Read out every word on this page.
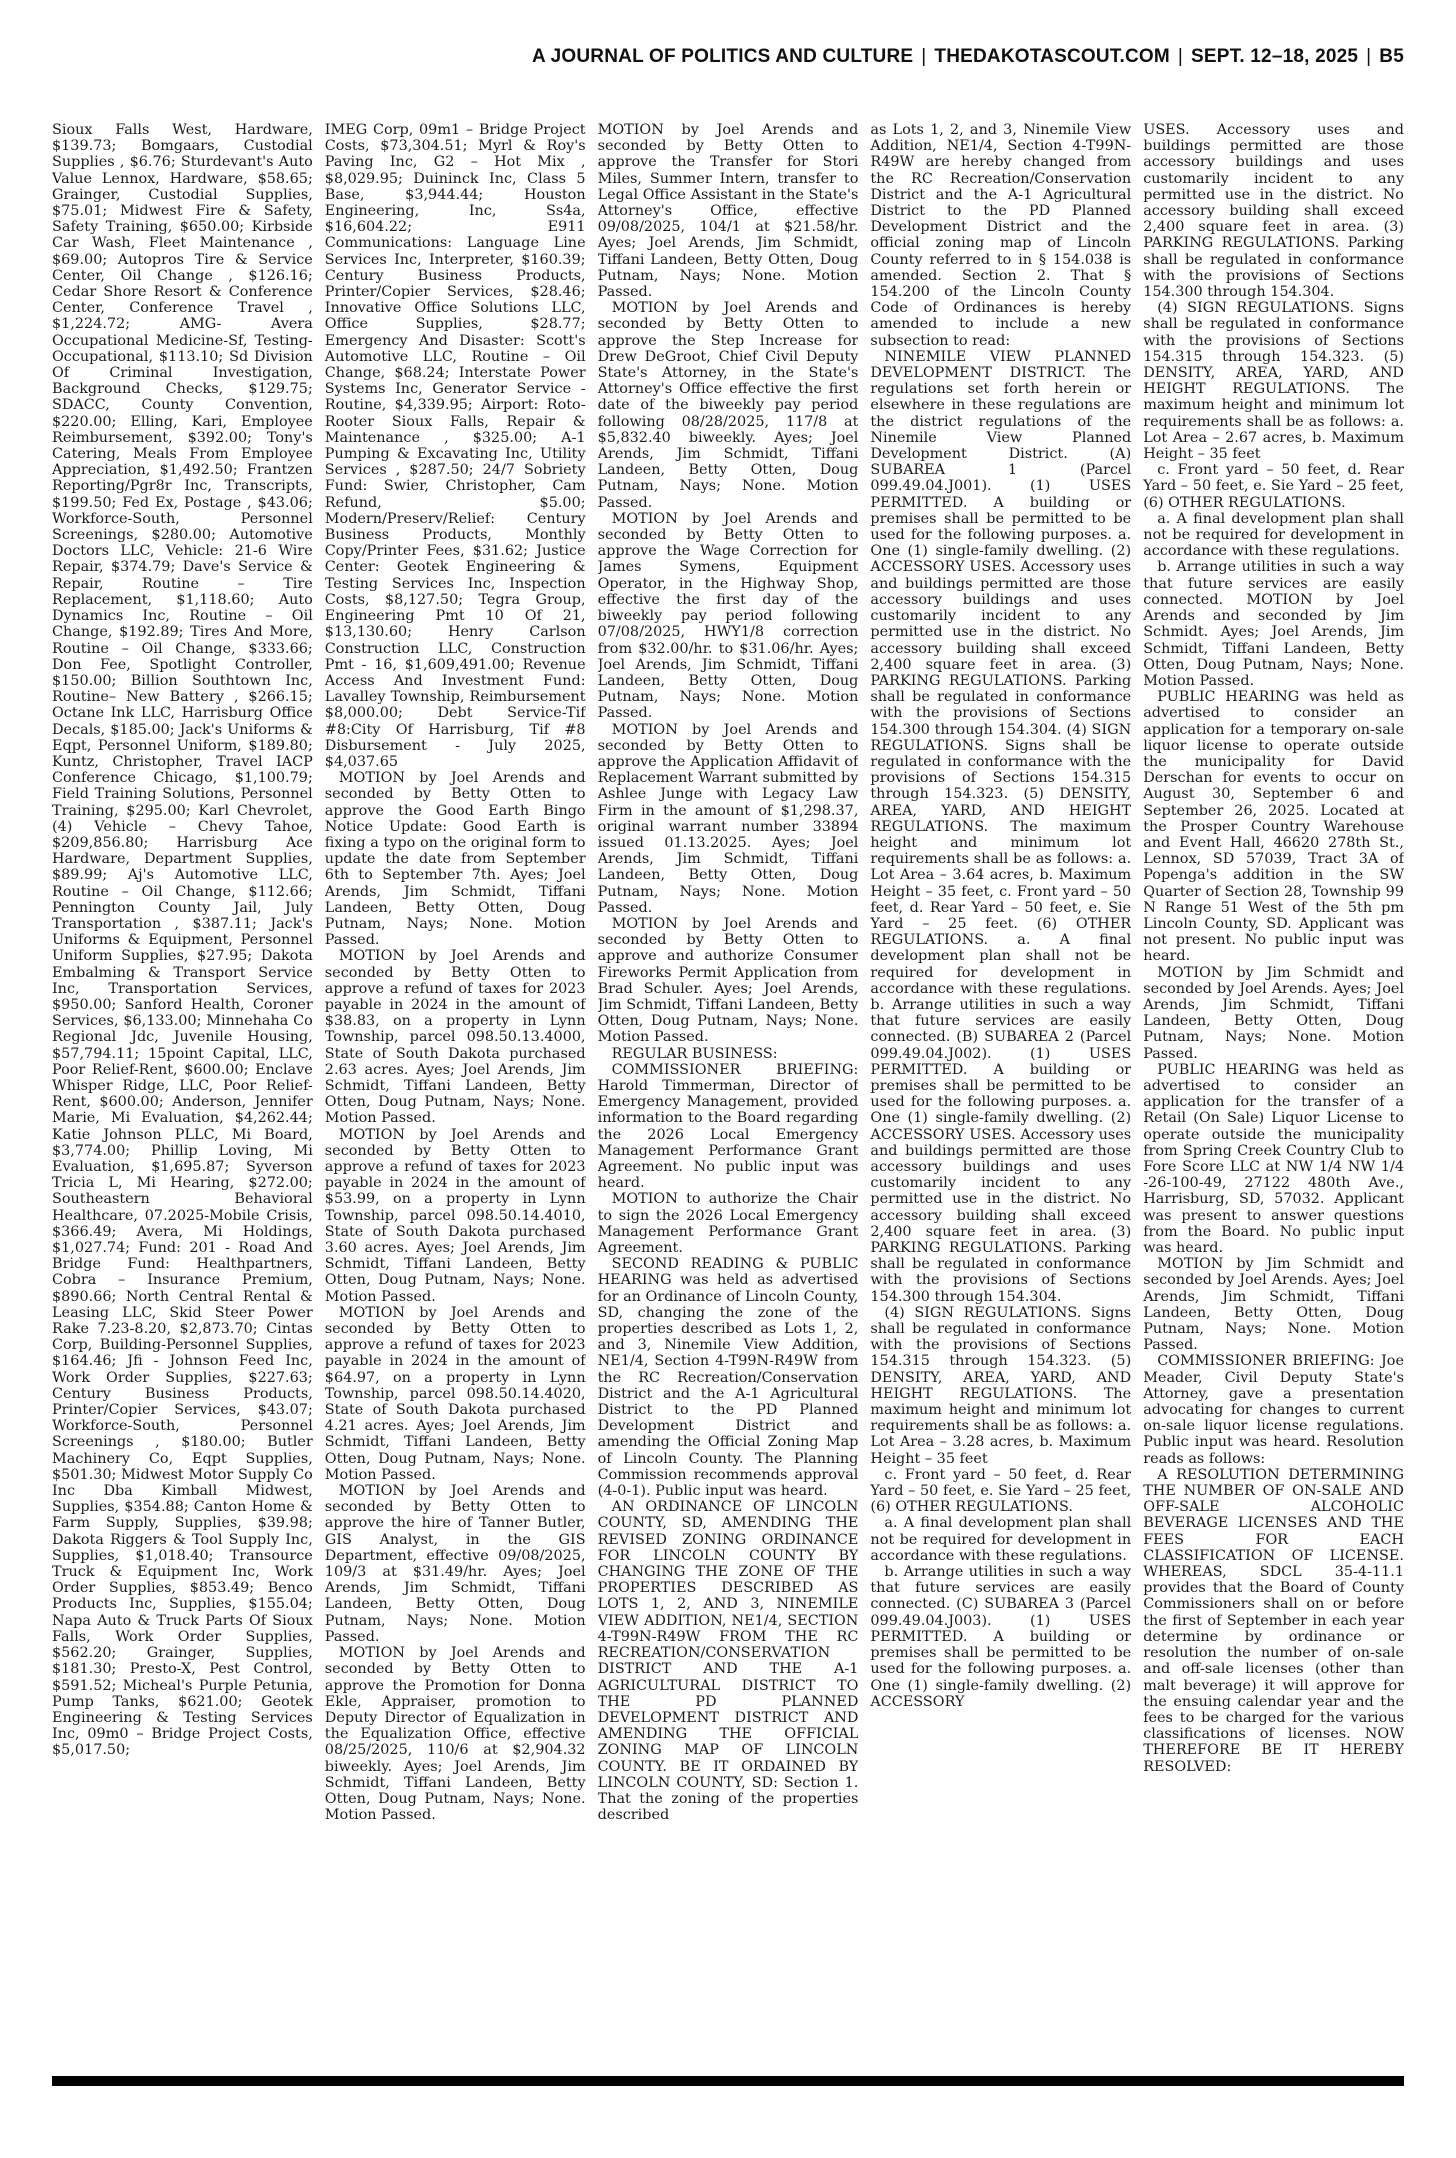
A JOURNAL OF POLITICS AND CULTURE | THEDAKOTASCOUT.COM | SEPT. 12–18, 2025 | B5

Sioux Falls West, Hardware, $139.73; Bomgaars, Custodial Supplies , $6.76; Sturdevant's Auto Value Lennox, Hardware, $58.65; Grainger, Custodial Supplies, $75.01; Midwest Fire & Safety, Safety Training, $650.00; Kirbside Car Wash, Fleet Maintenance , $69.00; Autopros Tire & Service Center, Oil Change , $126.16; Cedar Shore Resort & Conference Center, Conference Travel , $1,224.72; AMG- Avera Occupational Medicine-Sf, Testing- Occupational, $113.10; Sd Division Of Criminal Investigation, Background Checks, $129.75; SDACC, County Convention, $220.00; Elling, Kari, Employee Reimbursement, $392.00; Tony's Catering, Meals From Employee Appreciation, $1,492.50; Frantzen Reporting/Pgr8r Inc, Transcripts, $199.50; Fed Ex, Postage , $43.06; Workforce-South, Personnel Screenings, $280.00; Automotive Doctors LLC, Vehicle: 21-6 Wire Repair, $374.79; Dave's Service & Repair, Routine – Tire Replacement, $1,118.60; Auto Dynamics Inc, Routine – Oil Change, $192.89; Tires And More, Routine – Oil Change, $333.66; Don Fee, Spotlight Controller, $150.00; Billion Southtown Inc, Routine– New Battery , $266.15; Octane Ink LLC, Harrisburg Office Decals, $185.00; Jack's Uniforms & Eqpt, Personnel Uniform, $189.80; Kuntz, Christopher, Travel IACP Conference Chicago, $1,100.79; Field Training Solutions, Personnel Training, $295.00; Karl Chevrolet, (4) Vehicle – Chevy Tahoe, $209,856.80; Harrisburg Ace Hardware, Department Supplies, $89.99; Aj's Automotive LLC, Routine – Oil Change, $112.66; Pennington County Jail, July Transportation , $387.11; Jack's Uniforms & Equipment, Personnel Uniform Supplies, $27.95; Dakota Embalming & Transport Service Inc, Transportation Services, $950.00; Sanford Health, Coroner Services, $6,133.00; Minnehaha Co Regional Jdc, Juvenile Housing, $57,794.11; 15point Capital, LLC, Poor Relief-Rent, $600.00; Enclave Whisper Ridge, LLC, Poor Relief-Rent, $600.00; Anderson, Jennifer Marie, Mi Evaluation, $4,262.44; Katie Johnson PLLC, Mi Board, $3,774.00; Phillip Loving, Mi Evaluation, $1,695.87; Syverson Tricia L, Mi Hearing, $272.00; Southeastern Behavioral Healthcare, 07.2025-Mobile Crisis, $366.49; Avera, Mi Holdings, $1,027.74; Fund: 201 - Road And Bridge Fund: Healthpartners, Cobra – Insurance Premium, $890.66; North Central Rental & Leasing LLC, Skid Steer Power Rake 7.23-8.20, $2,873.70; Cintas Corp, Building-Personnel Supplies, $164.46; Jfi - Johnson Feed Inc, Work Order Supplies, $227.63; Century Business Products, Printer/Copier Services, $43.07; Workforce-South, Personnel Screenings , $180.00; Butler Machinery Co, Eqpt Supplies, $501.30; Midwest Motor Supply Co Inc Dba Kimball Midwest, Supplies, $354.88; Canton Home & Farm Supply, Supplies, $39.98; Dakota Riggers & Tool Supply Inc, Supplies, $1,018.40; Transource Truck & Equipment Inc, Work Order Supplies, $853.49; Benco Products Inc, Supplies, $155.04; Napa Auto & Truck Parts Of Sioux Falls, Work Order Supplies, $562.20; Grainger, Supplies, $181.30; Presto-X, Pest Control, $591.52; Micheal's Purple Petunia, Pump Tanks, $621.00; Geotek Engineering & Testing Services Inc, 09m0 – Bridge Project Costs, $5,017.50;

IMEG Corp, 09m1 – Bridge Project Costs, $73,304.51; Myrl & Roy's Paving Inc, G2 – Hot Mix , $8,029.95; Duininck Inc, Class 5 Base, $3,944.44; Houston Engineering, Inc, Ss4a, $16,604.22; E911 Communications: Language Line Services Inc, Interpreter, $160.39; Century Business Products, Printer/Copier Services, $28.46; Innovative Office Solutions LLC, Office Supplies, $28.77; Emergency And Disaster: Scott's Automotive LLC, Routine – Oil Change, $68.24; Interstate Power Systems Inc, Generator Service - Routine, $4,339.95; Airport: Roto-Rooter Sioux Falls, Repair & Maintenance , $325.00; A-1 Pumping & Excavating Inc, Utility Services , $287.50; 24/7 Sobriety Fund: Swier, Christopher, Cam Refund, $5.00; Modern/Preserv/Relief: Century Business Products, Monthly Copy/Printer Fees, $31.62; Justice Center: Geotek Engineering & Testing Services Inc, Inspection Costs, $8,127.50; Tegra Group, Engineering Pmt 10 Of 21, $13,130.60; Henry Carlson Construction LLC, Construction Pmt - 16, $1,609,491.00; Revenue Access And Investment Fund: Lavalley Township, Reimbursement $8,000.00; Debt Service-Tif #8:City Of Harrisburg, Tif #8 Disbursement - July 2025, $4,037.65

MOTION by Joel Arends and seconded by Betty Otten to approve the Good Earth Bingo Notice Update: Good Earth is fixing a typo on the original form to update the date from September 6th to September 7th. Ayes; Joel Arends, Jim Schmidt, Tiffani Landeen, Betty Otten, Doug Putnam, Nays; None. Motion Passed.

MOTION by Joel Arends and seconded by Betty Otten to approve a refund of taxes for 2023 payable in 2024 in the amount of $38.83, on a property in Lynn Township, parcel 098.50.13.4000, State of South Dakota purchased 2.63 acres. Ayes; Joel Arends, Jim Schmidt, Tiffani Landeen, Betty Otten, Doug Putnam, Nays; None. Motion Passed.

MOTION by Joel Arends and seconded by Betty Otten to approve a refund of taxes for 2023 payable in 2024 in the amount of $53.99, on a property in Lynn Township, parcel 098.50.14.4010, State of South Dakota purchased 3.60 acres. Ayes; Joel Arends, Jim Schmidt, Tiffani Landeen, Betty Otten, Doug Putnam, Nays; None. Motion Passed.

MOTION by Joel Arends and seconded by Betty Otten to approve a refund of taxes for 2023 payable in 2024 in the amount of $64.97, on a property in Lynn Township, parcel 098.50.14.4020, State of South Dakota purchased 4.21 acres. Ayes; Joel Arends, Jim Schmidt, Tiffani Landeen, Betty Otten, Doug Putnam, Nays; None. Motion Passed.

MOTION by Joel Arends and seconded by Betty Otten to approve the hire of Tanner Butler, GIS Analyst, in the GIS Department, effective 09/08/2025, 109/3 at $31.49/hr. Ayes; Joel Arends, Jim Schmidt, Tiffani Landeen, Betty Otten, Doug Putnam, Nays; None. Motion Passed.

MOTION by Joel Arends and seconded by Betty Otten to approve the Promotion for Donna Ekle, Appraiser, promotion to Deputy Director of Equalization in the Equalization Office, effective 08/25/2025, 110/6 at $2,904.32 biweekly. Ayes; Joel Arends, Jim Schmidt, Tiffani Landeen, Betty Otten, Doug Putnam, Nays; None. Motion Passed.

MOTION by Joel Arends and seconded by Betty Otten to approve the Transfer for Stori Miles, Summer Intern, transfer to Legal Office Assistant in the State's Attorney's Office, effective 09/08/2025, 104/1 at $21.58/hr. Ayes; Joel Arends, Jim Schmidt, Tiffani Landeen, Betty Otten, Doug Putnam, Nays; None. Motion Passed.

MOTION by Joel Arends and seconded by Betty Otten to approve the Step Increase for Drew DeGroot, Chief Civil Deputy State's Attorney, in the State's Attorney's Office effective the first date of the biweekly pay period following 08/28/2025, 117/8 at $5,832.40 biweekly. Ayes; Joel Arends, Jim Schmidt, Tiffani Landeen, Betty Otten, Doug Putnam, Nays; None. Motion Passed.

MOTION by Joel Arends and seconded by Betty Otten to approve the Wage Correction for James Symens, Equipment Operator, in the Highway Shop, effective the first day of the biweekly pay period following 07/08/2025, HWY1/8 correction from $32.00/hr. to $31.06/hr. Ayes; Joel Arends, Jim Schmidt, Tiffani Landeen, Betty Otten, Doug Putnam, Nays; None. Motion Passed.

MOTION by Joel Arends and seconded by Betty Otten to approve the Application Affidavit of Replacement Warrant submitted by Ashlee Junge with Legacy Law Firm in the amount of $1,298.37, original warrant number 33894 issued 01.13.2025. Ayes; Joel Arends, Jim Schmidt, Tiffani Landeen, Betty Otten, Doug Putnam, Nays; None. Motion Passed.

MOTION by Joel Arends and seconded by Betty Otten to approve and authorize Consumer Fireworks Permit Application from Brad Schuler. Ayes; Joel Arends, Jim Schmidt, Tiffani Landeen, Betty Otten, Doug Putnam, Nays; None. Motion Passed.

REGULAR BUSINESS:

COMMISSIONER BRIEFING: Harold Timmerman, Director of Emergency Management, provided information to the Board regarding the 2026 Local Emergency Management Performance Grant Agreement. No public input was heard.

MOTION to authorize the Chair to sign the 2026 Local Emergency Management Performance Grant Agreement.

SECOND READING & PUBLIC HEARING was held as advertised for an Ordinance of Lincoln County, SD, changing the zone of the properties described as Lots 1, 2, and 3, Ninemile View Addition, NE1/4, Section 4-T99N-R49W from the RC Recreation/Conservation District and the A-1 Agricultural District to the PD Planned Development District and amending the Official Zoning Map of Lincoln County. The Planning Commission recommends approval (4-0-1). Public input was heard.

AN ORDINANCE OF LINCOLN COUNTY, SD, AMENDING THE REVISED ZONING ORDINANCE FOR LINCOLN COUNTY BY CHANGING THE ZONE OF THE PROPERTIES DESCRIBED AS LOTS 1, 2, AND 3, NINEMILE VIEW ADDITION, NE1/4, SECTION 4-T99N-R49W FROM THE RC RECREATION/CONSERVATION DISTRICT AND THE A-1 AGRICULTURAL DISTRICT TO THE PD PLANNED DEVELOPMENT DISTRICT AND AMENDING THE OFFICIAL ZONING MAP OF LINCOLN COUNTY. BE IT ORDAINED BY LINCOLN COUNTY, SD: Section 1. That the zoning of the properties described

as Lots 1, 2, and 3, Ninemile View Addition, NE1/4, Section 4-T99N-R49W are hereby changed from the RC Recreation/Conservation District and the A-1 Agricultural District to the PD Planned Development District and the official zoning map of Lincoln County referred to in § 154.038 is amended. Section 2. That § 154.200 of the Lincoln County Code of Ordinances is hereby amended to include a new subsection to read:

NINEMILE VIEW PLANNED DEVELOPMENT DISTRICT. The regulations set forth herein or elsewhere in these regulations are the district regulations of the Ninemile View Planned Development District. (A) SUBAREA 1 (Parcel 099.49.04.J001). (1) USES PERMITTED. A building or premises shall be permitted to be used for the following purposes. a. One (1) single-family dwelling. (2) ACCESSORY USES. Accessory uses and buildings permitted are those accessory buildings and uses customarily incident to any permitted use in the district. No accessory building shall exceed 2,400 square feet in area. (3) PARKING REGULATIONS. Parking shall be regulated in conformance with the provisions of Sections 154.300 through 154.304. (4) SIGN REGULATIONS. Signs shall be regulated in conformance with the provisions of Sections 154.315 through 154.323. (5) DENSITY, AREA, YARD, AND HEIGHT REGULATIONS. The maximum height and minimum lot requirements shall be as follows: a. Lot Area – 3.64 acres, b. Maximum Height – 35 feet, c. Front yard – 50 feet, d. Rear Yard – 50 feet, e. Sie Yard – 25 feet. (6) OTHER REGULATIONS. a. A final development plan shall not be required for development in accordance with these regulations. b. Arrange utilities in such a way that future services are easily connected. (B) SUBAREA 2 (Parcel 099.49.04.J002). (1) USES PERMITTED. A building or premises shall be permitted to be used for the following purposes. a. One (1) single-family dwelling. (2) ACCESSORY USES. Accessory uses and buildings permitted are those accessory buildings and uses customarily incident to any permitted use in the district. No accessory building shall exceed 2,400 square feet in area. (3) PARKING REGULATIONS. Parking shall be regulated in conformance with the provisions of Sections 154.300 through 154.304.

(4) SIGN REGULATIONS. Signs shall be regulated in conformance with the provisions of Sections 154.315 through 154.323. (5) DENSITY, AREA, YARD, AND HEIGHT REGULATIONS. The maximum height and minimum lot requirements shall be as follows: a. Lot Area – 3.28 acres, b. Maximum Height – 35 feet

c. Front yard – 50 feet, d. Rear Yard – 50 feet, e. Sie Yard – 25 feet, (6) OTHER REGULATIONS.

a. A final development plan shall not be required for development in accordance with these regulations.

b. Arrange utilities in such a way that future services are easily connected. (C) SUBAREA 3 (Parcel 099.49.04.J003). (1) USES PERMITTED. A building or premises shall be permitted to be used for the following purposes. a. One (1) single-family dwelling. (2) ACCESSORY

USES. Accessory uses and buildings permitted are those accessory buildings and uses customarily incident to any permitted use in the district. No accessory building shall exceed 2,400 square feet in area. (3) PARKING REGULATIONS. Parking shall be regulated in conformance with the provisions of Sections 154.300 through 154.304.

(4) SIGN REGULATIONS. Signs shall be regulated in conformance with the provisions of Sections 154.315 through 154.323. (5) DENSITY, AREA, YARD, AND HEIGHT REGULATIONS. The maximum height and minimum lot requirements shall be as follows: a. Lot Area – 2.67 acres, b. Maximum Height – 35 feet

c. Front yard – 50 feet, d. Rear Yard – 50 feet, e. Sie Yard – 25 feet, (6) OTHER REGULATIONS.

a. A final development plan shall not be required for development in accordance with these regulations.

b. Arrange utilities in such a way that future services are easily connected. MOTION by Joel Arends and seconded by Jim Schmidt. Ayes; Joel Arends, Jim Schmidt, Tiffani Landeen, Betty Otten, Doug Putnam, Nays; None. Motion Passed.

PUBLIC HEARING was held as advertised to consider an application for a temporary on-sale liquor license to operate outside the municipality for David Derschan for events to occur on August 30, September 6 and September 26, 2025. Located at the Prosper Country Warehouse and Event Hall, 46620 278th St., Lennox, SD 57039, Tract 3A of Popenga's addition in the SW Quarter of Section 28, Township 99 N Range 51 West of the 5th pm Lincoln County, SD. Applicant was not present. No public input was heard.

MOTION by Jim Schmidt and seconded by Joel Arends. Ayes; Joel Arends, Jim Schmidt, Tiffani Landeen, Betty Otten, Doug Putnam, Nays; None. Motion Passed.

PUBLIC HEARING was held as advertised to consider an application for the transfer of a Retail (On Sale) Liquor License to operate outside the municipality from Spring Creek Country Club to Fore Score LLC at NW 1/4 NW 1/4 -26-100-49, 27122 480th Ave., Harrisburg, SD, 57032. Applicant was present to answer questions from the Board. No public input was heard.

MOTION by Jim Schmidt and seconded by Joel Arends. Ayes; Joel Arends, Jim Schmidt, Tiffani Landeen, Betty Otten, Doug Putnam, Nays; None. Motion Passed.

COMMISSIONER BRIEFING: Joe Meader, Civil Deputy State's Attorney, gave a presentation advocating for changes to current on-sale liquor license regulations. Public input was heard. Resolution reads as follows:

A RESOLUTION DETERMINING THE NUMBER OF ON-SALE AND OFF-SALE ALCOHOLIC BEVERAGE LICENSES AND THE FEES FOR EACH CLASSIFICATION OF LICENSE. WHEREAS, SDCL 35-4-11.1 provides that the Board of County Commissioners shall on or before the first of September in each year determine by ordinance or resolution the number of on-sale and off-sale licenses (other than malt beverage) it will approve for the ensuing calendar year and the fees to be charged for the various classifications of licenses. NOW THEREFORE BE IT HEREBY RESOLVED:
